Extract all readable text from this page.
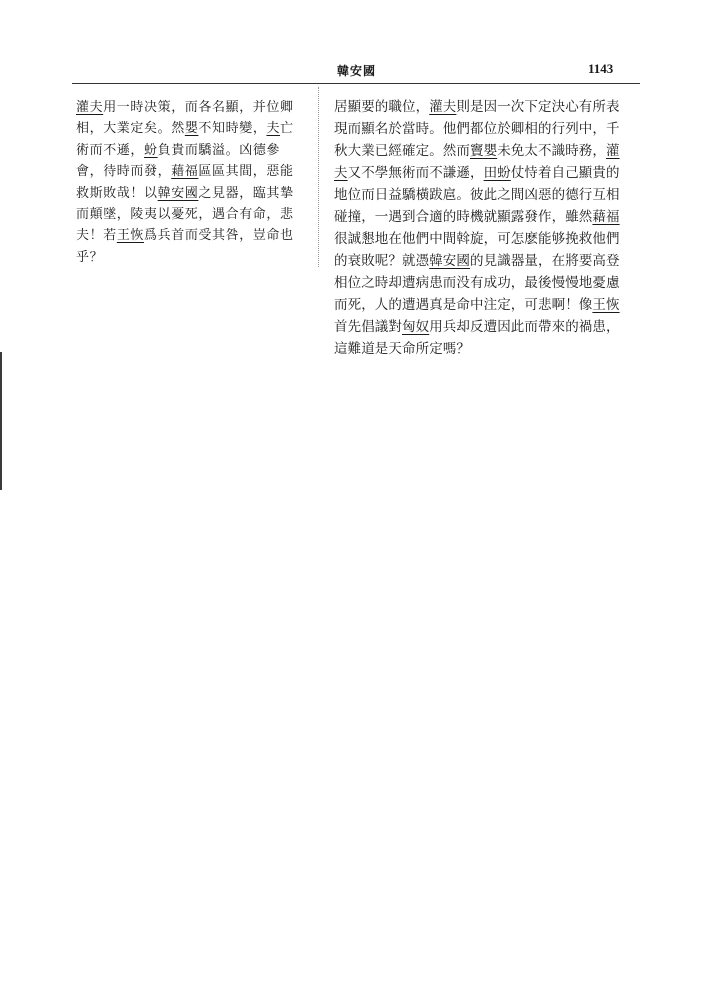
韓安國	1143
灌夫用一時决策，而各名顯，并位卿
相，大業定矣。然嬰不知時變，夫亡
術而不遜，蚡負貴而驕溢。凶德參
會，待時而發，藉福區區其間，惡能
救斯敗哉！以韓安國之見器，臨其摯
而顛墜，陵夷以憂死，遇合有命，悲
夫！若王恢爲兵首而受其咎，豈命也
乎？
居顯要的職位，灌夫則是因一次下定決心有所表
現而顯名於當時。他們都位於卿相的行列中，千
秋大業已經確定。然而竇嬰未免太不識時務，灌
夫又不學無術而不謙遜，田蚡仗恃着自己顯貴的
地位而日益驕橫跋扈。彼此之間凶惡的德行互相
碰撞，一遇到合適的時機就顯露發作，雖然藉福
很誠懇地在他們中間斡旋，可怎麽能够挽救他們
的衰敗呢？就憑韓安國的見識器量，在將要高登
相位之時却遭病患而没有成功，最後慢慢地憂慮
而死，人的遭遇真是命中注定，可悲啊！像王恢
首先倡議對匈奴用兵却反遭因此而帶來的禍患，
這難道是天命所定嗎？
